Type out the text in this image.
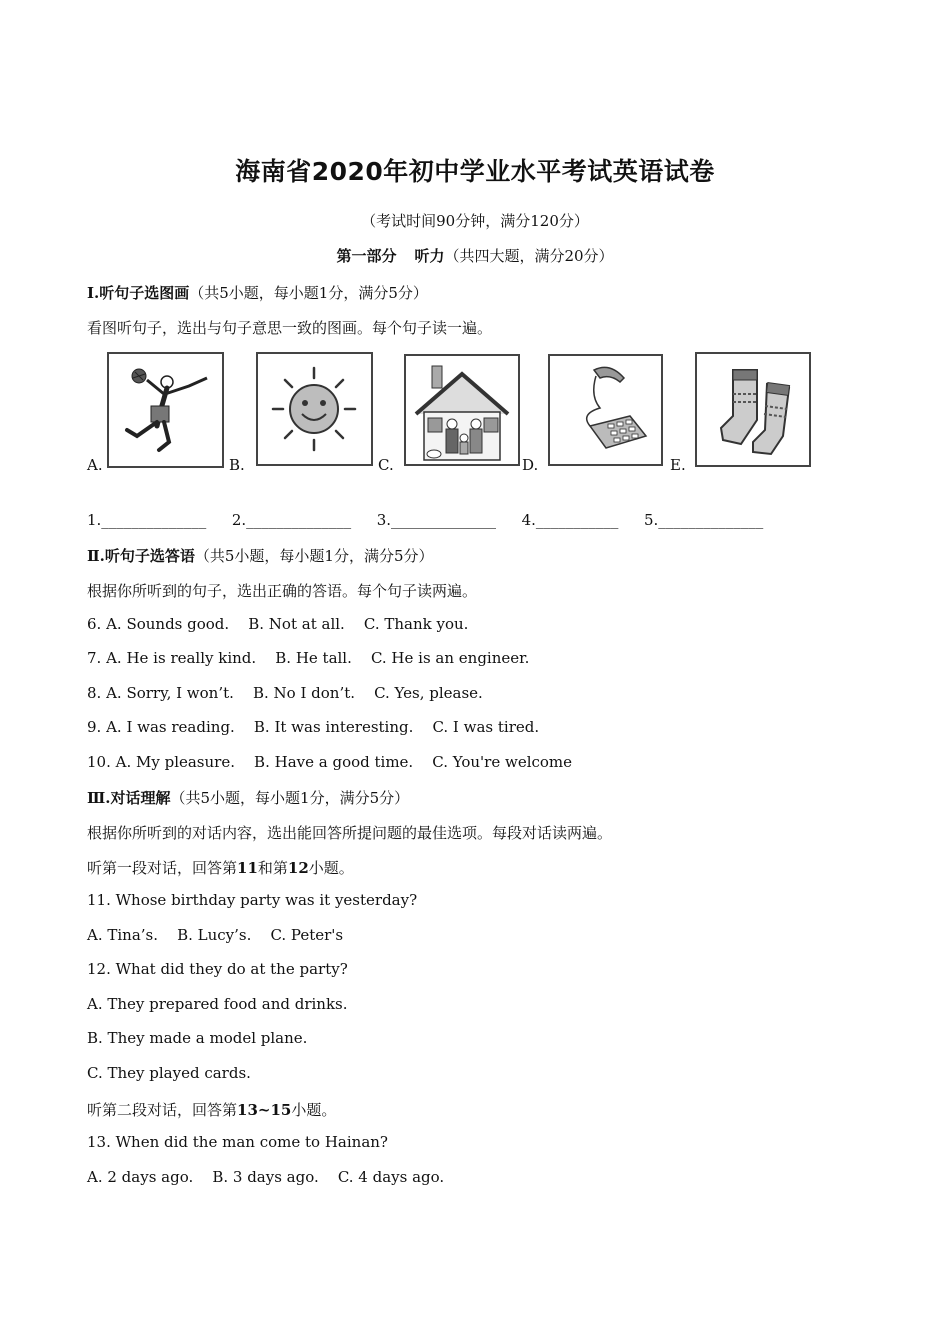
海南省2020年初中学业水平考试英语试卷
（考试时间90分钟，满分120分）
第一部分 听力（共四大题，满分20分）
I.听句子选图画（共5小题，每小题1分，满分5分）
看图听句子，选出与句子意思一致的图画。每个句子读一遍。
A.	B.	C.	D.	E.
1.______________ 2.______________ 3.______________ 4.___________ 5.______________
Ⅱ.听句子选答语（共5小题，每小题1分，满分5分）
根据你所听到的句子，选出正确的答语。每个句子读两遍。
6. A. Sounds good.    B. Not at all.    C. Thank you.
7. A. He is really kind.    B. He tall.    C. He is an engineer.
8. A. Sorry, I won’t.    B. No I don’t.    C. Yes, please.
9. A. I was reading.    B. It was interesting.    C. I was tired.
10. A. My pleasure.    B. Have a good time.    C. You're welcome
Ⅲ.对话理解（共5小题，每小题1分，满分5分）
根据你所听到的对话内容，选出能回答所提问题的最佳选项。每段对话读两遍。
听第一段对话，回答第11和第12小题。
11. Whose birthday party was it yesterday?
A. Tina’s.    B. Lucy’s.    C. Peter's
12. What did they do at the party?
A. They prepared food and drinks.
B. They made a model plane.
C. They played cards.
听第二段对话，回答第13~15小题。
13. When did the man come to Hainan?
A. 2 days ago.    B. 3 days ago.    C. 4 days ago.
